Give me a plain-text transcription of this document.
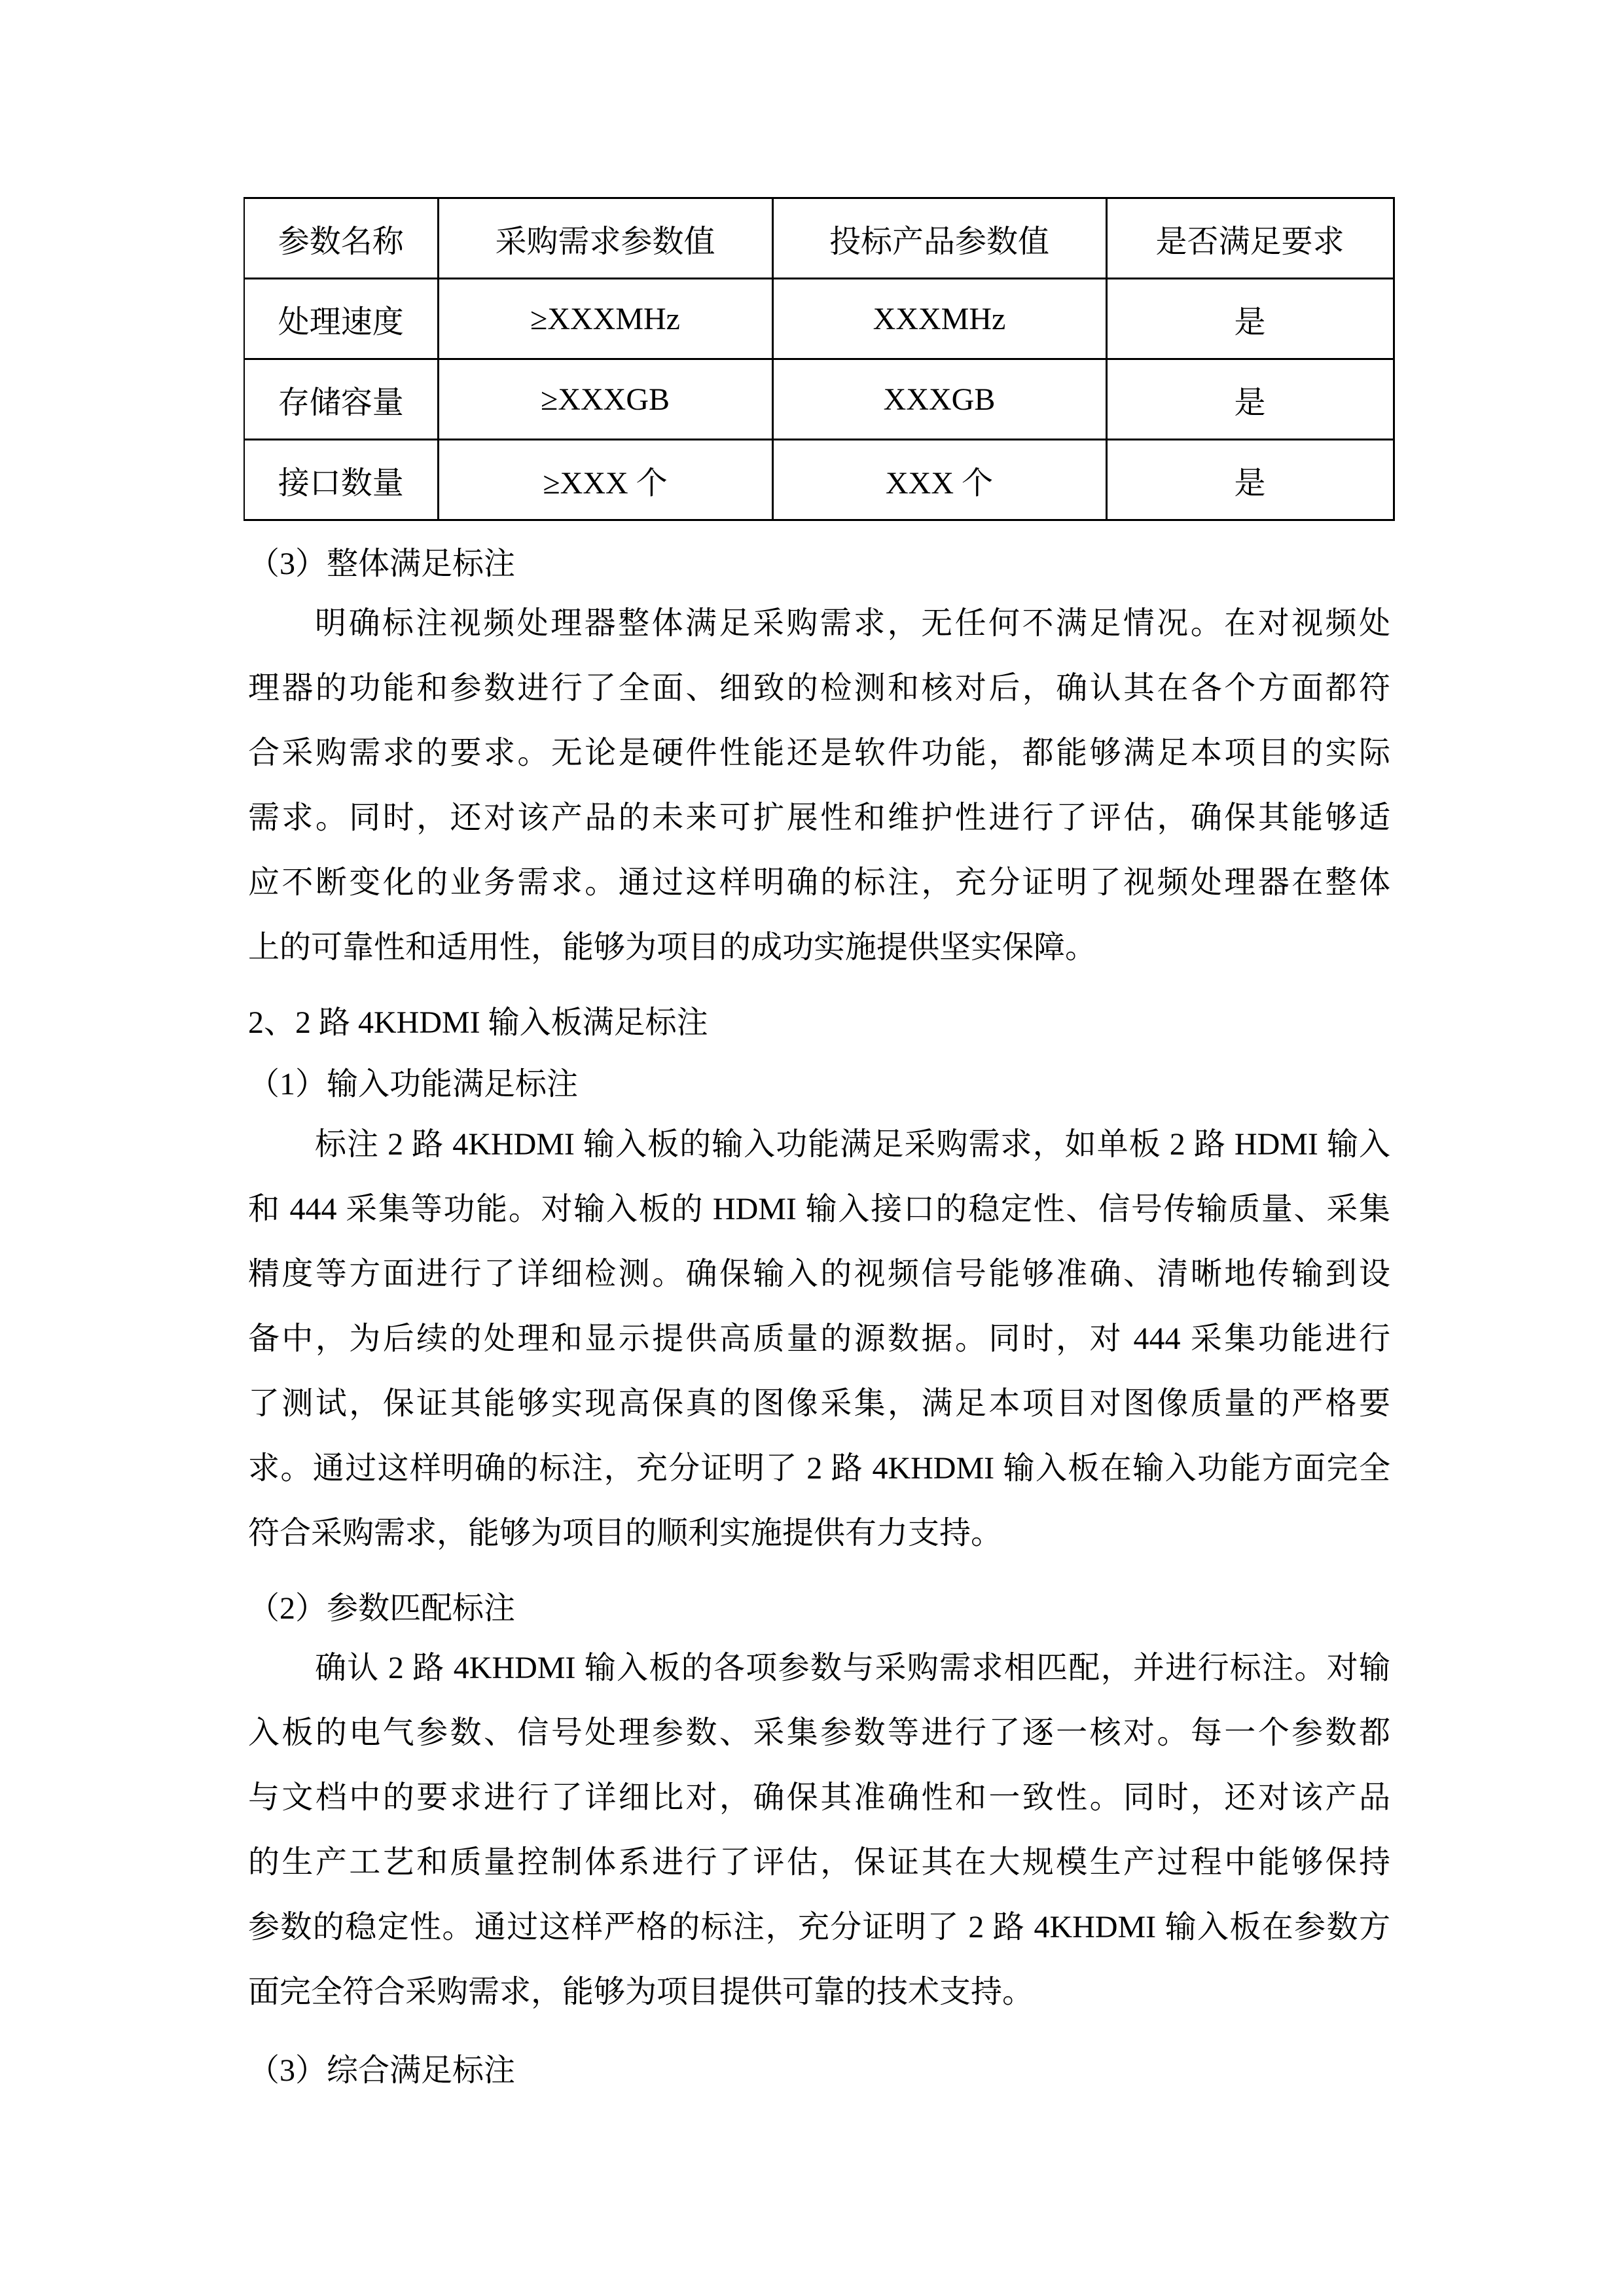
参数名称	采购需求参数值	投标产品参数值	是否满足要求
处理速度	≥XXXMHz	XXXMHz	是
存储容量	≥XXXGB	XXXGB	是
接口数量	≥XXX 个	XXX 个	是
（3）整体满足标注
明确标注视频处理器整体满足采购需求，无任何不满足情况。在对视频处
理器的功能和参数进行了全面、细致的检测和核对后，确认其在各个方面都符
合采购需求的要求。无论是硬件性能还是软件功能，都能够满足本项目的实际
需求。同时，还对该产品的未来可扩展性和维护性进行了评估，确保其能够适
应不断变化的业务需求。通过这样明确的标注，充分证明了视频处理器在整体
上的可靠性和适用性，能够为项目的成功实施提供坚实保障。
2、2 路 4KHDMI 输入板满足标注
（1）输入功能满足标注
标注 2 路 4KHDMI 输入板的输入功能满足采购需求，如单板 2 路 HDMI 输入
和 444 采集等功能。对输入板的 HDMI 输入接口的稳定性、信号传输质量、采集
精度等方面进行了详细检测。确保输入的视频信号能够准确、清晰地传输到设
备中，为后续的处理和显示提供高质量的源数据。同时，对 444 采集功能进行
了测试，保证其能够实现高保真的图像采集，满足本项目对图像质量的严格要
求。通过这样明确的标注，充分证明了 2 路 4KHDMI 输入板在输入功能方面完全
符合采购需求，能够为项目的顺利实施提供有力支持。
（2）参数匹配标注
确认 2 路 4KHDMI 输入板的各项参数与采购需求相匹配，并进行标注。对输
入板的电气参数、信号处理参数、采集参数等进行了逐一核对。每一个参数都
与文档中的要求进行了详细比对，确保其准确性和一致性。同时，还对该产品
的生产工艺和质量控制体系进行了评估，保证其在大规模生产过程中能够保持
参数的稳定性。通过这样严格的标注，充分证明了 2 路 4KHDMI 输入板在参数方
面完全符合采购需求，能够为项目提供可靠的技术支持。
（3）综合满足标注
